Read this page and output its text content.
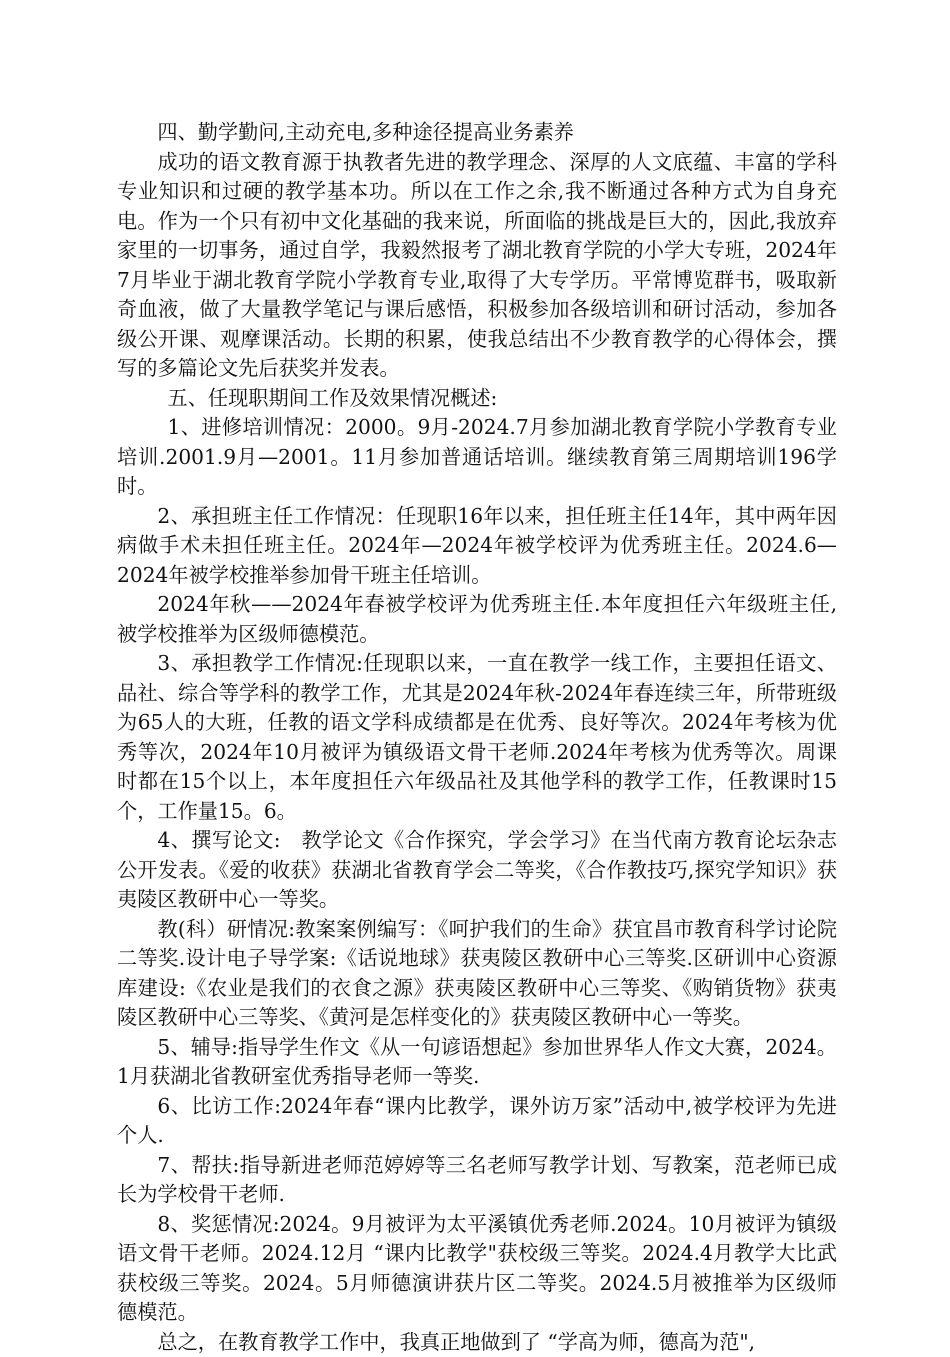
四、勤学勤问,主动充电,多种途径提高业务素养

成功的语文教育源于执教者先进的教学理念、深厚的人文底蕴、丰富的学科专业知识和过硬的教学基本功。所以在工作之余,我不断通过各种方式为自身充电。作为一个只有初中文化基础的我来说，所面临的挑战是巨大的，因此,我放弃家里的一切事务，通过自学，我毅然报考了湖北教育学院的小学大专班，2024年7月毕业于湖北教育学院小学教育专业,取得了大专学历。平常博览群书，吸取新奇血液，做了大量教学笔记与课后感悟，积极参加各级培训和研讨活动，参加各级公开课、观摩课活动。长期的积累，使我总结出不少教育教学的心得体会，撰写的多篇论文先后获奖并发表。

五、任现职期间工作及效果情况概述:

1、进修培训情况：2000。9月-2024.7月参加湖北教育学院小学教育专业培训.2001.9月—2001。11月参加普通话培训。继续教育第三周期培训196学时。

2、承担班主任工作情况：任现职16年以来，担任班主任14年，其中两年因病做手术未担任班主任。2024年—2024年被学校评为优秀班主任。2024.6—2024年被学校推举参加骨干班主任培训。

2024年秋——2024年春被学校评为优秀班主任.本年度担任六年级班主任,被学校推举为区级师德模范。

3、承担教学工作情况:任现职以来，一直在教学一线工作，主要担任语文、品社、综合等学科的教学工作，尤其是2024年秋-2024年春连续三年，所带班级为65人的大班，任教的语文学科成绩都是在优秀、良好等次。2024年考核为优秀等次，2024年10月被评为镇级语文骨干老师.2024年考核为优秀等次。周课时都在15个以上，本年度担任六年级品社及其他学科的教学工作，任教课时15个，工作量15。6。

4、撰写论文:　教学论文《合作探究，学会学习》在当代南方教育论坛杂志公开发表。《爱的收获》获湖北省教育学会二等奖，《合作教技巧,探究学知识》获夷陵区教研中心一等奖。

教(科）研情况:教案案例编写：《呵护我们的生命》获宜昌市教育科学讨论院二等奖.设计电子导学案:《话说地球》获夷陵区教研中心三等奖.区研训中心资源库建设:《农业是我们的衣食之源》获夷陵区教研中心三等奖、《购销货物》获夷陵区教研中心三等奖、《黄河是怎样变化的》获夷陵区教研中心一等奖。

5、辅导:指导学生作文《从一句谚语想起》参加世界华人作文大赛，2024。1月获湖北省教研室优秀指导老师一等奖.

6、比访工作:2024年春“课内比教学，课外访万家”活动中,被学校评为先进个人.

7、帮扶:指导新进老师范婷婷等三名老师写教学计划、写教案，范老师已成长为学校骨干老师.

8、奖惩情况:2024。9月被评为太平溪镇优秀老师.2024。10月被评为镇级语文骨干老师。2024.12月 “课内比教学"获校级三等奖。2024.4月教学大比武获校级三等奖。2024。5月师德演讲获片区二等奖。2024.5月被推举为区级师德模范。

总之，在教育教学工作中，我真正地做到了 “学高为师，德高为范",
